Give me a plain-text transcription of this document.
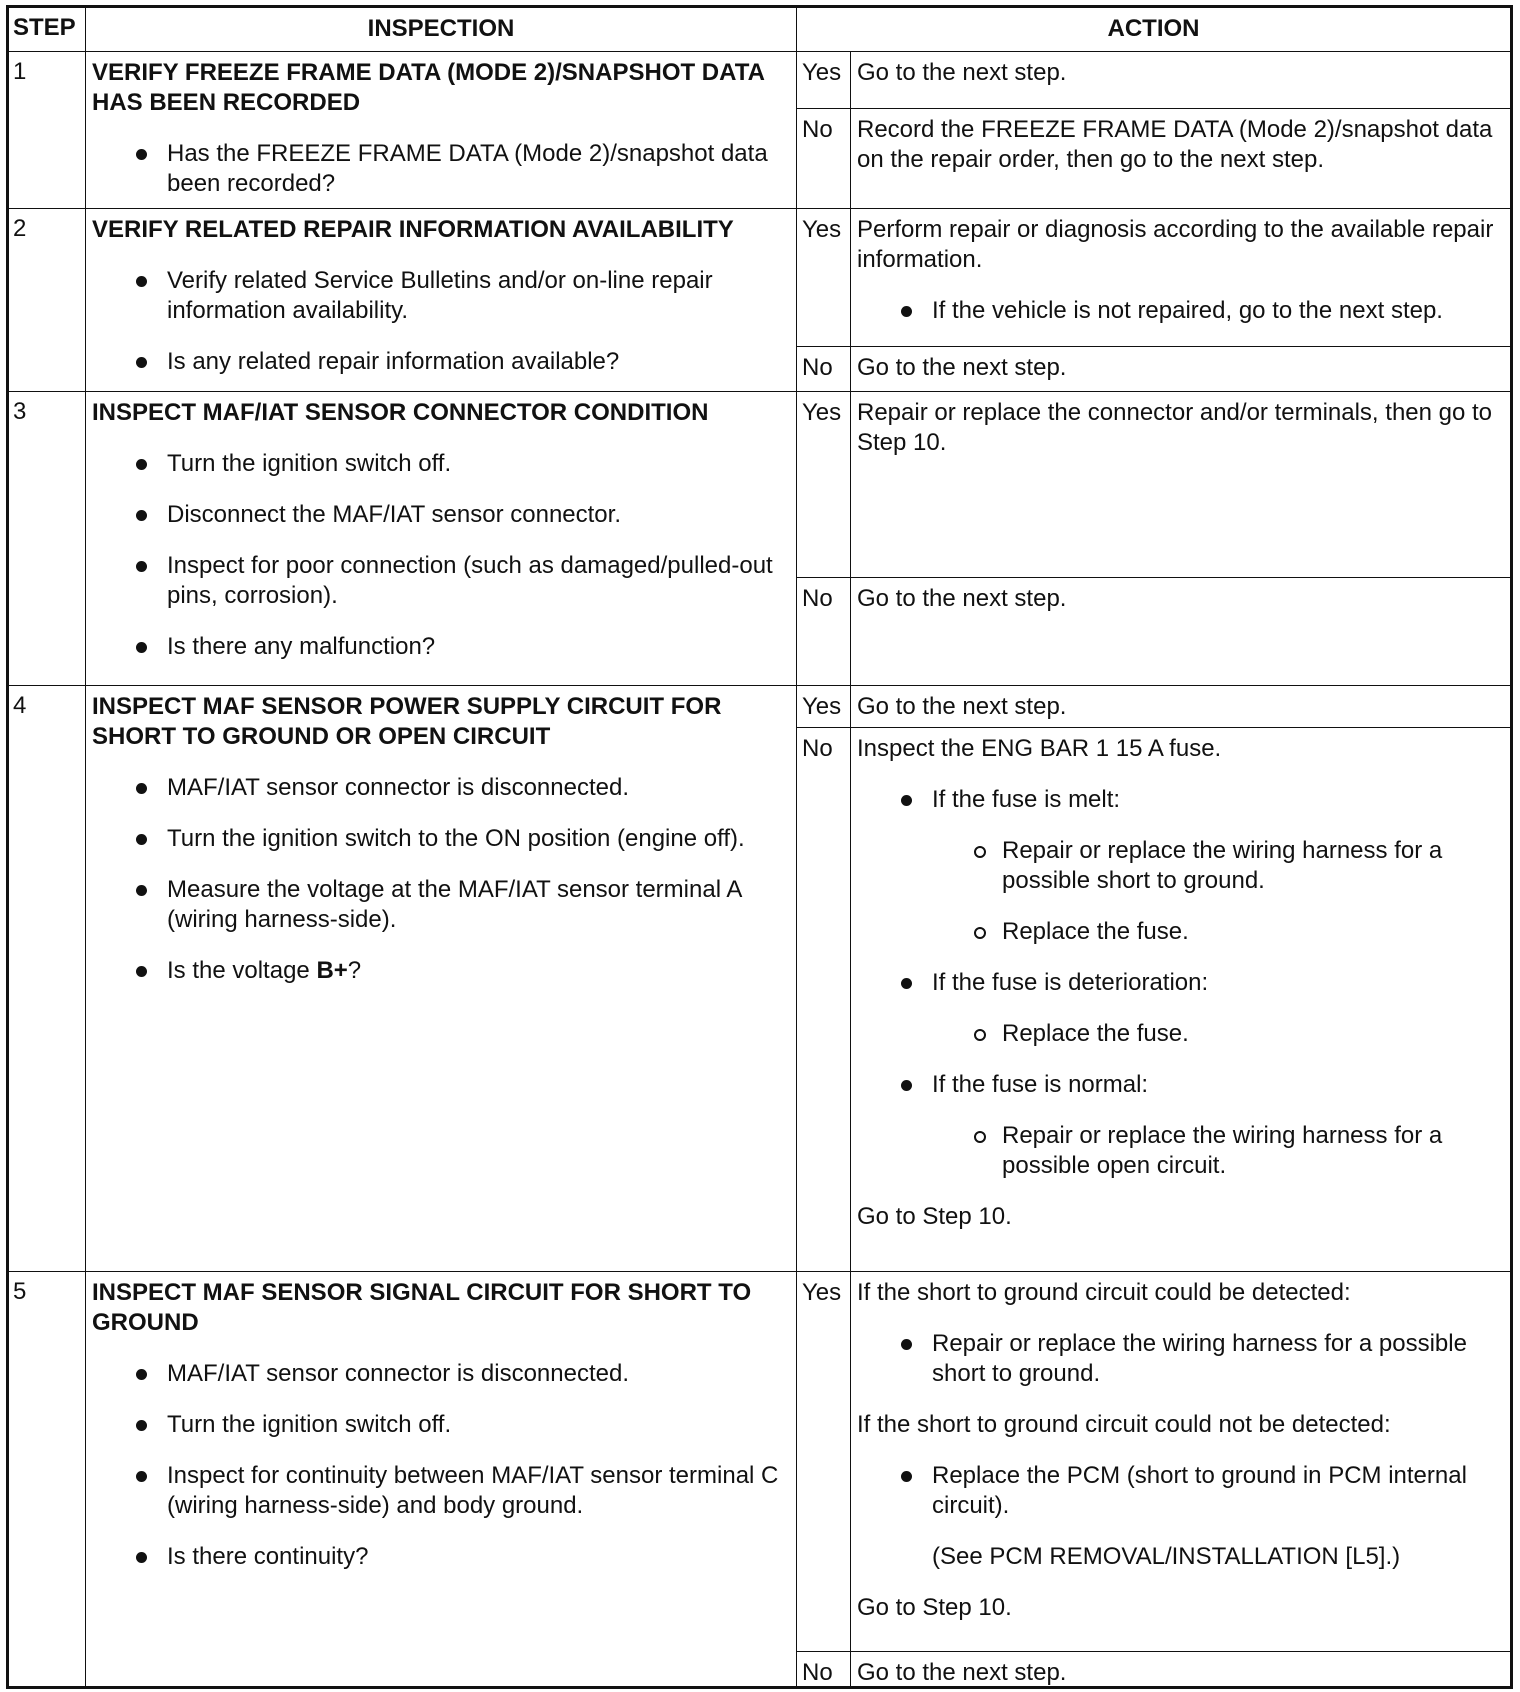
STEP	INSPECTION	ACTION
1	VERIFY FREEZE FRAME DATA (MODE 2)/SNAPSHOT DATA HAS BEEN RECORDED

Has the FREEZE FRAME DATA (Mode 2)/snapshot data been recorded?

Yes Go to the next step.

No	Record the FREEZE FRAME DATA (Mode 2)/snapshot data on the repair order, then go to the next step.

2	VERIFY RELATED REPAIR INFORMATION AVAILABILITY

Verify related Service Bulletins and/or on-line repair information availability.

Is any related repair information available?

Yes Perform repair or diagnosis according to the available repair information.

If the vehicle is not repaired, go to the next step.

No	Go to the next step.

3	INSPECT MAF/IAT SENSOR CONNECTOR CONDITION

Turn the ignition switch off.

Disconnect the MAF/IAT sensor connector.

Inspect for poor connection (such as damaged/pulled-out pins, corrosion).

Is there any malfunction?

Yes Repair or replace the connector and/or terminals, then go to Step 10.

No	Go to the next step.

4	INSPECT MAF SENSOR POWER SUPPLY CIRCUIT FOR SHORT TO GROUND OR OPEN CIRCUIT

MAF/IAT sensor connector is disconnected.

Turn the ignition switch to the ON position (engine off).

Measure the voltage at the MAF/IAT sensor terminal A (wiring harness-side).

Is the voltage B+?

Yes Go to the next step.

No	Inspect the ENG BAR 1 15 A fuse.

If the fuse is melt:

Repair or replace the wiring harness for a possible short to ground.

Replace the fuse.

If the fuse is deterioration:

Replace the fuse.

If the fuse is normal:

Repair or replace the wiring harness for a possible open circuit.

Go to Step 10.

5	INSPECT MAF SENSOR SIGNAL CIRCUIT FOR SHORT TO GROUND

MAF/IAT sensor connector is disconnected.

Turn the ignition switch off.

Inspect for continuity between MAF/IAT sensor terminal C (wiring harness-side) and body ground.

Is there continuity?

Yes If the short to ground circuit could be detected:

Repair or replace the wiring harness for a possible short to ground.

If the short to ground circuit could not be detected:

Replace the PCM (short to ground in PCM internal circuit).

(See PCM REMOVAL/INSTALLATION [L5].)

Go to Step 10.

No	Go to the next step.
